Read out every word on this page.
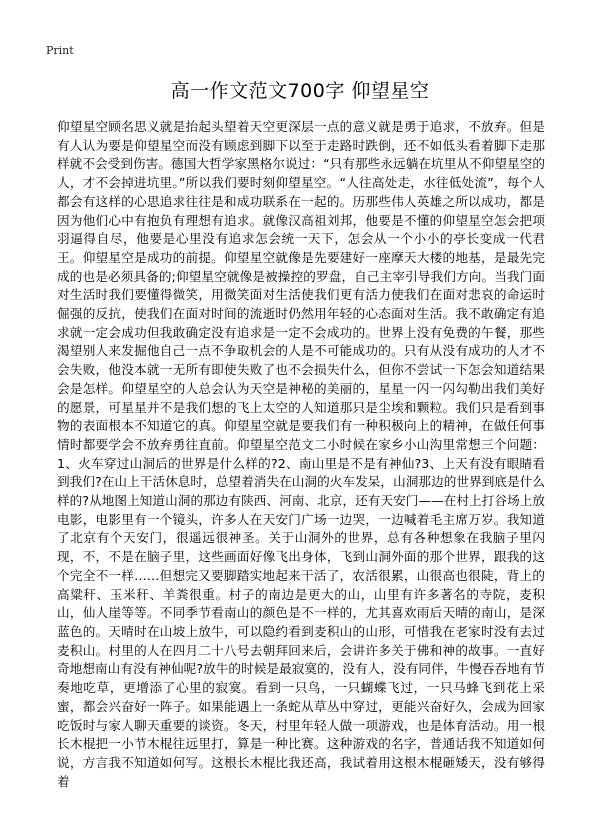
Print
高一作文范文700字 仰望星空

仰望星空顾名思义就是抬起头望着天空更深层一点的意义就是勇于追求，不放弃。但是有人认为要是仰望星空而没有顾虑到脚下以至于走路时跌倒，还不如低头看着脚下走那样就不会受到伤害。德国大哲学家黑格尔说过：“只有那些永远躺在坑里从不仰望星空的人，才不会掉进坑里。”所以我们要时刻仰望星空。“人往高处走，水往低处流”，每个人都会有这样的心思追求往往是和成功联系在一起的。历那些伟人英雄之所以成功，都是因为他们心中有抱负有理想有追求。就像汉高祖刘邦，他要是不懂的仰望星空怎会把项羽逼得自尽，他要是心里没有追求怎会统一天下，怎会从一个小小的亭长变成一代君王。仰望星空是成功的前提。仰望星空就像是先要建好一座摩天大楼的地基，是最先完成的也是必须具备的;仰望星空就像是被操控的罗盘，自己主宰引导我们方向。当我门面对生活时我们要懂得微笑，用微笑面对生活使我们更有活力使我们在面对悲哀的命运时倔强的反抗，使我们在面对时间的流逝时仍然用年轻的心态面对生活。我不敢确定有追求就一定会成功但我敢确定没有追求是一定不会成功的。世界上没有免费的午餐，那些渴望别人来发掘他自己一点不争取机会的人是不可能成功的。只有从没有成功的人才不会失败，他没本就一无所有即使失败了也不会损失什么，但你不尝试一下怎会知道结果会是怎样。仰望星空的人总会认为天空是神秘的美丽的，星星一闪一闪勾勒出我们美好的愿景，可星星并不是我们想的飞上太空的人知道那只是尘埃和颗粒。我们只是看到事物的表面根本不知道它的真。仰望星空就是要我们有一种积极向上的精神，在做任何事情时都要学会不放弃勇往直前。仰望星空范文二小时候在家乡小山沟里常想三个问题：1、火车穿过山洞后的世界是什么样的?2、南山里是不是有神仙?3、上天有没有眼睛看到我们?在山上干活休息时，总望着消失在山洞的火车发呆，山洞那边的世界到底是什么样的?从地图上知道山洞的那边有陕西、河南、北京，还有天安门——在村上打谷场上放电影，电影里有一个镜头，许多人在天安门广场一边哭，一边喊着毛主席万岁。我知道了北京有个天安门，很遥远很神圣。关于山洞外的世界，总有各种想象在我脑子里闪现，不，不是在脑子里，这些画面好像飞出身体，飞到山洞外面的那个世界，跟我的这个完全不一样……但想完又要脚踏实地起来干活了，农活很累，山很高也很陡，背上的高粱秆、玉米秆、羊粪很重。村子的南边是更大的山，山里有许多著名的寺院，麦积山，仙人崖等等。不同季节看南山的颜色是不一样的，尤其喜欢雨后天晴的南山，是深蓝色的。天晴时在山坡上放牛，可以隐约看到麦积山的山形，可惜我在老家时没有去过麦积山。村里的人在四月二十八号去朝拜回来后，会讲许多关于佛和神的故事。一直好奇地想南山有没有神仙呢?放牛的时候是最寂寞的，没有人，没有同伴，牛慢吞吞地有节奏地吃草，更增添了心里的寂寞。看到一只鸟，一只蝴蝶飞过，一只马蜂飞到花上采蜜，都会兴奋好一阵子。如果能遇上一条蛇从草丛中穿过，更能兴奋好久，会成为回家吃饭时与家人聊天重要的谈资。冬天，村里年轻人做一项游戏，也是体育活动。用一根长木棍把一小节木棍往远里打，算是一种比赛。这种游戏的名字，普通话我不知道如何说，方言我不知道如何写。这根长木棍比我还高，我试着用这根木棍砸矮天，没有够得着
